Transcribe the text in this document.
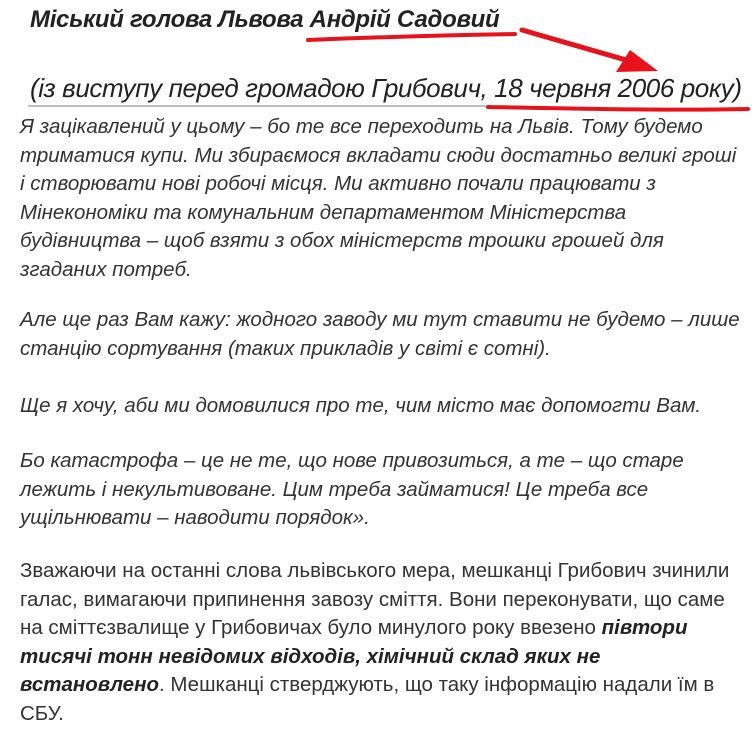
Міський голова Львова Андрій Садовий

(із виступу перед громадою Грибович, 18 червня 2006 року)

Я зацікавлений у цьому – бо те все переходить на Львів. Тому будемо триматися купи. Ми збираємося вкладати сюди достатньо великі гроші і створювати нові робочі місця. Ми активно почали працювати з Мінекономіки та комунальним департаментом Міністерства будівництва – щоб взяти з обох міністерств трошки грошей для згаданих потреб.

Але ще раз Вам кажу: жодного заводу ми тут ставити не будемо – лише станцію сортування (таких прикладів у світі є сотні).

Ще я хочу, аби ми домовилися про те, чим місто має допомогти Вам.

Бо катастрофа – це не те, що нове привозиться, а те – що старе лежить і некультивоване. Цим треба займатися! Це треба все ущільнювати – наводити порядок».

Зважаючи на останні слова львівського мера, мешканці Грибович зчинили галас, вимагаючи припинення завозу сміття. Вони переконувати, що саме на сміттєзвалище у Грибовичах було минулого року ввезено півтори тисячі тонн невідомих відходів, хімічний склад яких не встановлено. Мешканці стверджують, що таку інформацію надали їм в СБУ.
